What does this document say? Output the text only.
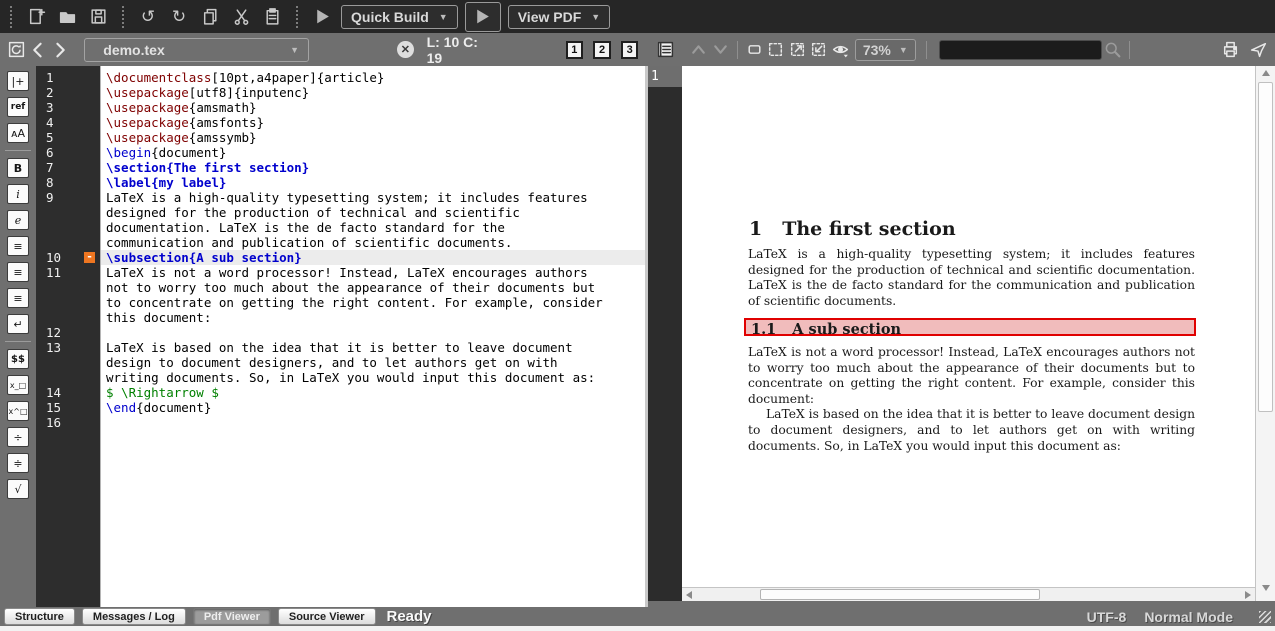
↺ ↻	Quick Build ▼	View PDF ▼
demo.tex	▼	✕
L: 10 C: 19	1	2	3	73% ▼
|+
ref
ᴀA
B
i
e
≡
≡
≡
↵
$$
x_□
x^□
÷
≑
√
1
2
3
4
5
6
7
8
9
10 -
11
12
13
14
15
16
\documentclass[10pt,a4paper]{article}
\usepackage[utf8]{inputenc}
\usepackage{amsmath}
\usepackage{amsfonts}
\usepackage{amssymb}
\begin{document}
\section{The first section}
\label{my label}
LaTeX is a high-quality typesetting system; it includes features
designed for the production of technical and scientific
documentation. LaTeX is the de facto standard for the
communication and publication of scientific documents.
\subsection{A sub section}
LaTeX is not a word processor! Instead, LaTeX encourages authors
not to worry too much about the appearance of their documents but
to concentrate on getting the right content. For example, consider
this document:
LaTeX is based on the idea that it is better to leave document
design to document designers, and to let authors get on with
writing documents. So, in LaTeX you would input this document as:
$ \Rightarrow $
\end{document}
1
1 The first section
LaTeX is a high-quality typesetting system; it includes features designed for the production of technical and scientific documentation. LaTeX is the de facto standard for the communication and publication of scientific documents.
1.1 A sub section
LaTeX is not a word processor! Instead, LaTeX encourages authors not to worry too much about the appearance of their documents but to concentrate on getting the right content. For example, consider this document:
LaTeX is based on the idea that it is better to leave document design to document designers, and to let authors get on with writing documents. So, in LaTeX you would input this document as:
Structure	Messages / Log	Pdf Viewer	Source Viewer	Ready	UTF-8 Normal Mode
